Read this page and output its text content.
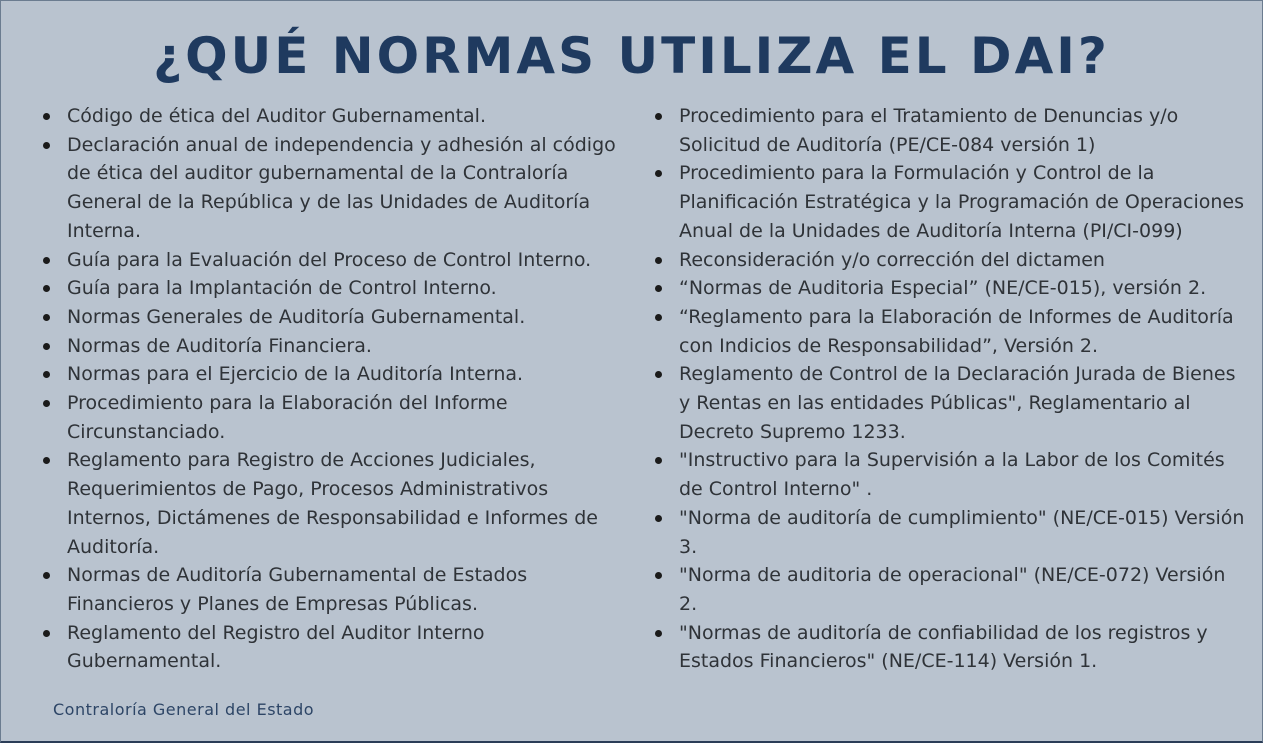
¿QUÉ NORMAS UTILIZA EL DAI?
Código de ética del Auditor Gubernamental.
Declaración anual de independencia y adhesión al código de ética del auditor gubernamental de la Contraloría General de la República y de las Unidades de Auditoría Interna.
Guía para la Evaluación del Proceso de Control Interno.
Guía para la Implantación de Control Interno.
Normas Generales de Auditoría Gubernamental.
Normas de Auditoría Financiera.
Normas para el Ejercicio de la Auditoría Interna.
Procedimiento para la Elaboración del Informe Circunstanciado.
Reglamento para Registro de Acciones Judiciales, Requerimientos de Pago, Procesos Administrativos Internos, Dictámenes de Responsabilidad e Informes de Auditoría.
Normas de Auditoría Gubernamental de Estados Financieros y Planes de Empresas Públicas.
Reglamento del Registro del Auditor Interno Gubernamental.
Procedimiento para el Tratamiento de Denuncias y/o Solicitud de Auditoría (PE/CE-084 versión 1)
Procedimiento para la Formulación y Control de la Planificación Estratégica y la Programación de Operaciones Anual de la Unidades de Auditoría Interna (PI/CI-099)
Reconsideración y/o corrección del dictamen
“Normas de Auditoria Especial” (NE/CE-015), versión 2.
“Reglamento para la Elaboración de Informes de Auditoría con Indicios de Responsabilidad”, Versión 2.
Reglamento de Control de la Declaración Jurada de Bienes y Rentas en las entidades Públicas", Reglamentario al Decreto Supremo 1233.
"Instructivo para la Supervisión a la Labor de los Comités de Control Interno" .
"Norma de auditoría de cumplimiento" (NE/CE-015) Versión 3.
"Norma de auditoria de operacional" (NE/CE-072) Versión 2.
"Normas de auditoría de confiabilidad de los registros y Estados Financieros" (NE/CE-114) Versión 1.
Contraloría General del Estado
